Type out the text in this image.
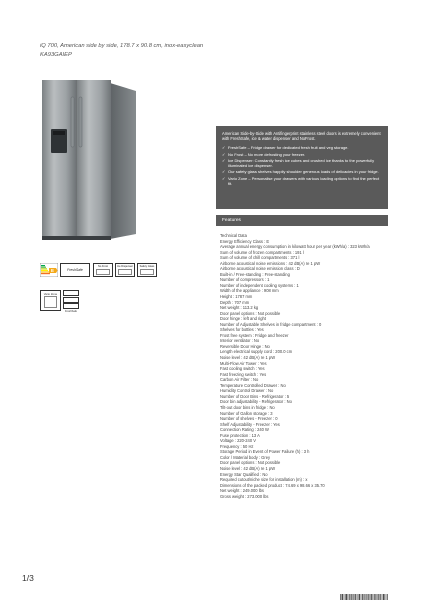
iQ 700, American side by side, 178.7 x 90.8 cm, inox-easyclean
KA93GAIEP
American Side-by-Side with Antifingerprint stainless steel doors is extremely convenient with FreshSafe, ice & water dispenser and NoFrost.
✓ FreshSafe – Fridge drawer for dedicated fresh fruit and veg storage.
✓ No Frost – No more defrosting your freezer.
✓ Ice Dispenser: Constantly fresh ice cubes and crushed ice thanks to the powerfully illuminated ice dispenser.
✓ Our safety glass shelves happily shoulder generous loads of delicacies in your fridge.
✓ Vario Zone – Personalise your drawers with various loading options to find the perfect fit.
Features
Technical Data
Energy Efficiency Class : E
Average annual energy consumption in kilowatt hour per year (kWh/a) : 323 kWh/a
Sum of volume of frozen compartments : 191 l
Sum of volume of chill compartments : 371 l
Airborne acoustical noise emissions : 42 dB(A) re 1 pW
Airborne acoustical noise emission class : D
Built-in / Free-standing : Free-standing
Number of compressors : 1
Number of independent cooling systems : 1
Width of the appliance : 908 mm
Height : 1787 mm
Depth : 707 mm
Net weight : 113.2 kg
Door panel options : Not possible
Door hinge : left and right
Number of Adjustable Shelves in fridge compartment : 0
Shelves for bottles : Yes
Frost free system : Fridge and freezer
Interior ventilator : No
Reversible Door Hinge : No
Length electrical supply cord : 200.0 cm
Noise level : 42 dB(A) re 1 pW
Multi-Flow Air Tower : Yes
Fast cooling switch : Yes
Fast freezing switch : Yes
Carbon Air Filter : No
Temperature Controlled Drawer : No
Humidity Control Drawer : No
Number of Door Bins - Refrigerator : 5
Door bin adjustability - Refrigerator : No
Tilt-out door bins in fridge : No
Number of Gallon storage : 3
Number of shelves - Freezer : 0
Shelf Adjustability - Freezer : Yes
Connection Rating : 240 W
Fuse protection : 13 A
Voltage : 220-240 V
Frequency : 50 Hz
Storage Period in Event of Power Failure (h) : 3 h
Color / Material body : Grey
Door panel options : Not possible
Noise level : 42 dB(A) re 1 pW
Energy Star Qualified : No
Required cutout/niche size for installation (m) : x
Dimensions of the packed product : 74.69 x 98.66 x 35.70
Net weight : 249.000 lbs
Gross weight : 273.000 lbs
E	FreshSafe
No Frost	Ice Dispenser	Safety Glass
Vario Zone
FreshSafe
1/3
